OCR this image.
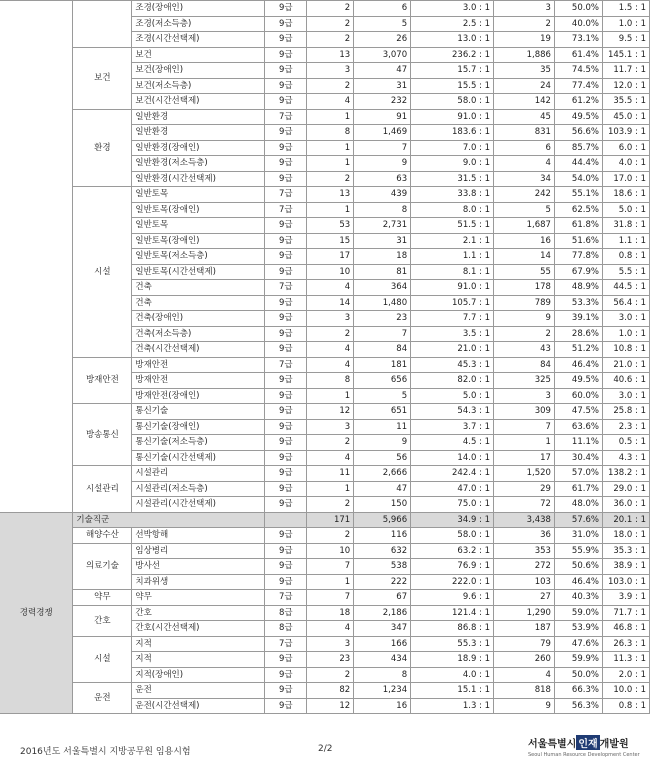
		조경(장애인)	9급	2	6	3.0 : 1	3	50.0%	1.5 : 1
		조경(저소득층)	9급	2	5	2.5 : 1	2	40.0%	1.0 : 1
		조경(시간선택제)	9급	2	26	13.0 : 1	19	73.1%	9.5 : 1
	보건	보건	9급	13	3,070	236.2 : 1	1,886	61.4%	145.1 : 1
		보건(장애인)	9급	3	47	15.7 : 1	35	74.5%	11.7 : 1
		보건(저소득층)	9급	2	31	15.5 : 1	24	77.4%	12.0 : 1
		보건(시간선택제)	9급	4	232	58.0 : 1	142	61.2%	35.5 : 1
	환경	일반환경	7급	1	91	91.0 : 1	45	49.5%	45.0 : 1
		일반환경	9급	8	1,469	183.6 : 1	831	56.6%	103.9 : 1
		일반환경(장애인)	9급	1	7	7.0 : 1	6	85.7%	6.0 : 1
		일반환경(저소득층)	9급	1	9	9.0 : 1	4	44.4%	4.0 : 1
		일반환경(시간선택제)	9급	2	63	31.5 : 1	34	54.0%	17.0 : 1
	시설	일반토목	7급	13	439	33.8 : 1	242	55.1%	18.6 : 1
		일반토목(장애인)	7급	1	8	8.0 : 1	5	62.5%	5.0 : 1
		일반토목	9급	53	2,731	51.5 : 1	1,687	61.8%	31.8 : 1
		일반토목(장애인)	9급	15	31	2.1 : 1	16	51.6%	1.1 : 1
		일반토목(저소득층)	9급	17	18	1.1 : 1	14	77.8%	0.8 : 1
		일반토목(시간선택제)	9급	10	81	8.1 : 1	55	67.9%	5.5 : 1
		건축	7급	4	364	91.0 : 1	178	48.9%	44.5 : 1
		건축	9급	14	1,480	105.7 : 1	789	53.3%	56.4 : 1
		건축(장애인)	9급	3	23	7.7 : 1	9	39.1%	3.0 : 1
		건축(저소득층)	9급	2	7	3.5 : 1	2	28.6%	1.0 : 1
		건축(시간선택제)	9급	4	84	21.0 : 1	43	51.2%	10.8 : 1
	방재안전	방재안전	7급	4	181	45.3 : 1	84	46.4%	21.0 : 1
		방재안전	9급	8	656	82.0 : 1	325	49.5%	40.6 : 1
		방재안전(장애인)	9급	1	5	5.0 : 1	3	60.0%	3.0 : 1
	방송통신	통신기술	9급	12	651	54.3 : 1	309	47.5%	25.8 : 1
		통신기술(장애인)	9급	3	11	3.7 : 1	7	63.6%	2.3 : 1
		통신기술(저소득층)	9급	2	9	4.5 : 1	1	11.1%	0.5 : 1
		통신기술(시간선택제)	9급	4	56	14.0 : 1	17	30.4%	4.3 : 1
	시설관리	시설관리	9급	11	2,666	242.4 : 1	1,520	57.0%	138.2 : 1
		시설관리(저소득층)	9급	1	47	47.0 : 1	29	61.7%	29.0 : 1
		시설관리(시간선택제)	9급	2	150	75.0 : 1	72	48.0%	36.0 : 1
경력경쟁	기술직군			171	5,966	34.9 : 1	3,438	57.6%	20.1 : 1
	해양수산	선박항해	9급	2	116	58.0 : 1	36	31.0%	18.0 : 1
	의료기술	임상병리	9급	10	632	63.2 : 1	353	55.9%	35.3 : 1
		방사선	9급	7	538	76.9 : 1	272	50.6%	38.9 : 1
		치과위생	9급	1	222	222.0 : 1	103	46.4%	103.0 : 1
	약무	약무	7급	7	67	9.6 : 1	27	40.3%	3.9 : 1
	간호	간호	8급	18	2,186	121.4 : 1	1,290	59.0%	71.7 : 1
		간호(시간선택제)	8급	4	347	86.8 : 1	187	53.9%	46.8 : 1
	시설	지적	7급	3	166	55.3 : 1	79	47.6%	26.3 : 1
		지적	9급	23	434	18.9 : 1	260	59.9%	11.3 : 1
		지적(장애인)	9급	2	8	4.0 : 1	4	50.0%	2.0 : 1
	운전	운전	9급	82	1,234	15.1 : 1	818	66.3%	10.0 : 1
		운전(시간선택제)	9급	12	16	1.3 : 1	9	56.3%	0.8 : 1
2016년도 서울특별시 지방공무원 임용시험	2/2	서울특별시 인재 개발원
Seoul Human Resource Development Center
